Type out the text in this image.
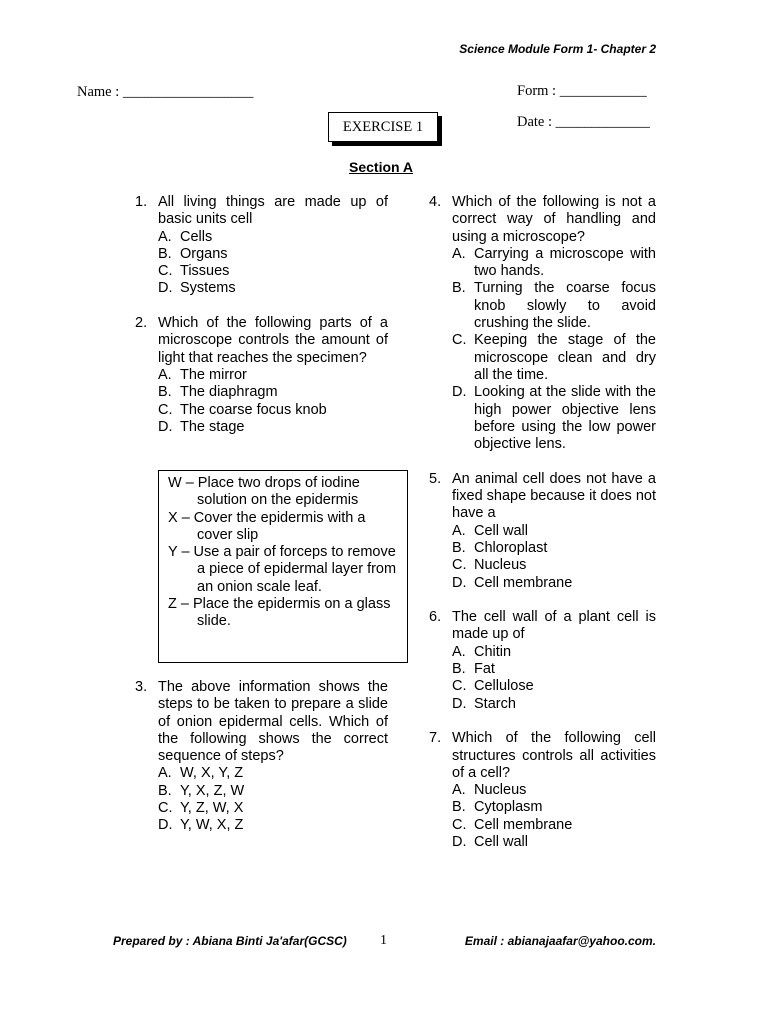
Science Module Form 1- Chapter 2
Name : __________________	Form : ____________
Date : _____________
EXERCISE 1
Section A
1. All living things are made up of basic units cell
A. Cells
B. Organs
C. Tissues
D. Systems
2. Which of the following parts of a microscope controls the amount of light that reaches the specimen?
A. The mirror
B. The diaphragm
C. The coarse focus knob
D. The stage
W – Place two drops of iodine solution on the epidermis
X – Cover the epidermis with a cover slip
Y – Use a pair of forceps to remove a piece of epidermal layer from an onion scale leaf.
Z – Place the epidermis on a glass slide.
3. The above information shows the steps to be taken to prepare a slide of onion epidermal cells. Which of the following shows the correct sequence of steps?
A. W, X, Y, Z
B. Y, X, Z, W
C. Y, Z, W, X
D. Y, W, X, Z
4. Which of the following is not a correct way of handling and using a microscope?
A. Carrying a microscope with two hands.
B. Turning the coarse focus knob slowly to avoid crushing the slide.
C. Keeping the stage of the microscope clean and dry all the time.
D. Looking at the slide with the high power objective lens before using the low power objective lens.
5. An animal cell does not have a fixed shape because it does not have a
A. Cell wall
B. Chloroplast
C. Nucleus
D. Cell membrane
6. The cell wall of a plant cell is made up of
A. Chitin
B. Fat
C. Cellulose
D. Starch
7. Which of the following cell structures controls all activities of a cell?
A. Nucleus
B. Cytoplasm
C. Cell membrane
D. Cell wall
Prepared by : Abiana Binti Ja'afar(GCSC) 1	Email : abianajaafar@yahoo.com.
